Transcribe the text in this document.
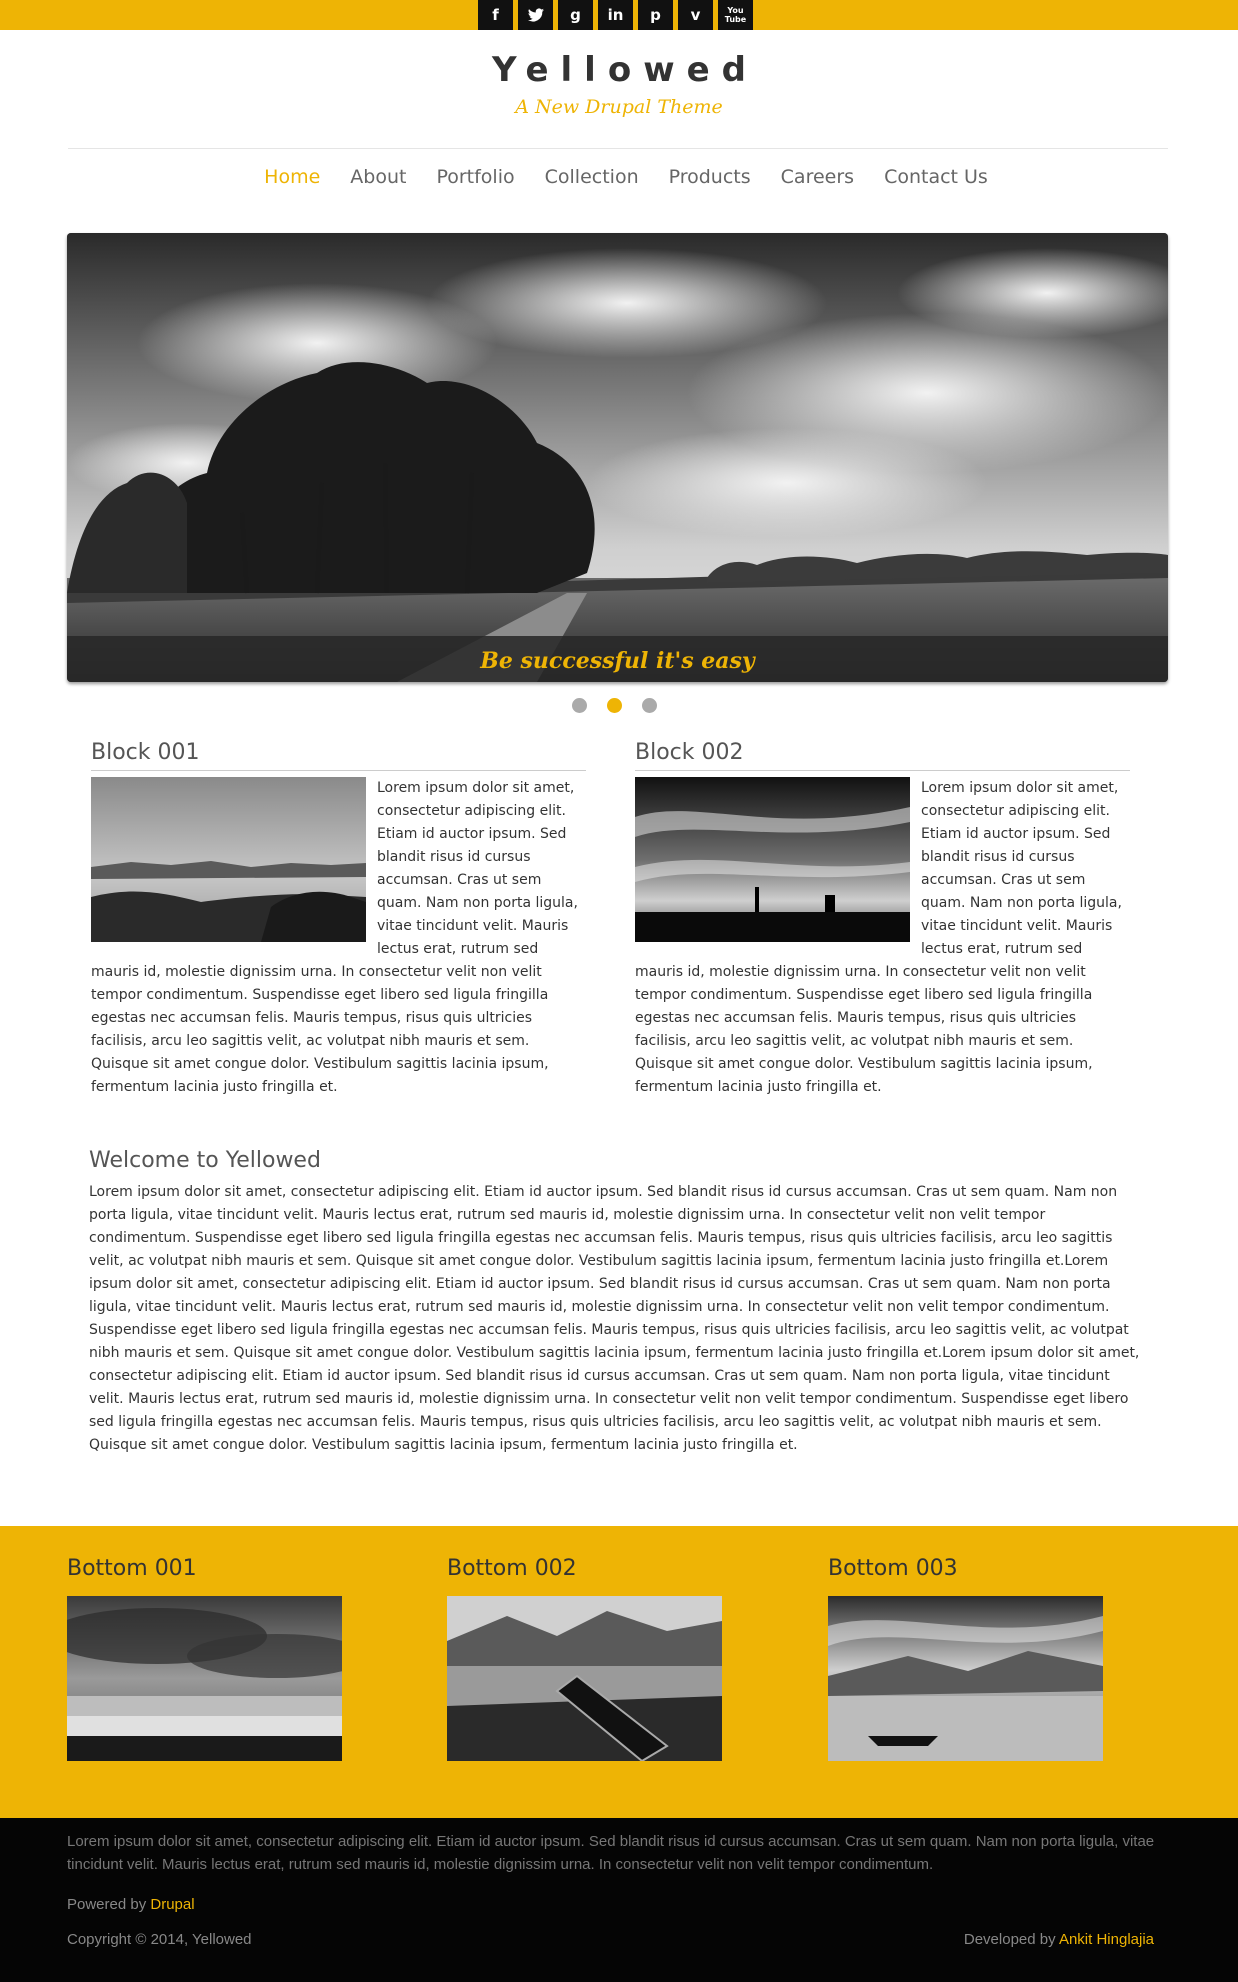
f	g	in	p	v	You Tube
Yellowed
A New Drupal Theme
Home About Portfolio Collection Products Careers Contact Us
Be successful it's easy
Block 001
Lorem ipsum dolor sit amet, consectetur adipiscing elit. Etiam id auctor ipsum. Sed blandit risus id cursus accumsan. Cras ut sem quam. Nam non porta ligula, vitae tincidunt velit. Mauris lectus erat, rutrum sed mauris id, molestie dignissim urna. In consectetur velit non velit tempor condimentum. Suspendisse eget libero sed ligula fringilla egestas nec accumsan felis. Mauris tempus, risus quis ultricies facilisis, arcu leo sagittis velit, ac volutpat nibh mauris et sem. Quisque sit amet congue dolor. Vestibulum sagittis lacinia ipsum, fermentum lacinia justo fringilla et.
Block 002
Lorem ipsum dolor sit amet, consectetur adipiscing elit. Etiam id auctor ipsum. Sed blandit risus id cursus accumsan. Cras ut sem quam. Nam non porta ligula, vitae tincidunt velit. Mauris lectus erat, rutrum sed mauris id, molestie dignissim urna. In consectetur velit non velit tempor condimentum. Suspendisse eget libero sed ligula fringilla egestas nec accumsan felis. Mauris tempus, risus quis ultricies facilisis, arcu leo sagittis velit, ac volutpat nibh mauris et sem. Quisque sit amet congue dolor. Vestibulum sagittis lacinia ipsum, fermentum lacinia justo fringilla et.
Welcome to Yellowed

Lorem ipsum dolor sit amet, consectetur adipiscing elit. Etiam id auctor ipsum. Sed blandit risus id cursus accumsan. Cras ut sem quam. Nam non porta ligula, vitae tincidunt velit. Mauris lectus erat, rutrum sed mauris id, molestie dignissim urna. In consectetur velit non velit tempor condimentum. Suspendisse eget libero sed ligula fringilla egestas nec accumsan felis. Mauris tempus, risus quis ultricies facilisis, arcu leo sagittis velit, ac volutpat nibh mauris et sem. Quisque sit amet congue dolor. Vestibulum sagittis lacinia ipsum, fermentum lacinia justo fringilla et.Lorem ipsum dolor sit amet, consectetur adipiscing elit. Etiam id auctor ipsum. Sed blandit risus id cursus accumsan. Cras ut sem quam. Nam non porta ligula, vitae tincidunt velit. Mauris lectus erat, rutrum sed mauris id, molestie dignissim urna. In consectetur velit non velit tempor condimentum. Suspendisse eget libero sed ligula fringilla egestas nec accumsan felis. Mauris tempus, risus quis ultricies facilisis, arcu leo sagittis velit, ac volutpat nibh mauris et sem. Quisque sit amet congue dolor. Vestibulum sagittis lacinia ipsum, fermentum lacinia justo fringilla et.Lorem ipsum dolor sit amet, consectetur adipiscing elit. Etiam id auctor ipsum. Sed blandit risus id cursus accumsan. Cras ut sem quam. Nam non porta ligula, vitae tincidunt velit. Mauris lectus erat, rutrum sed mauris id, molestie dignissim urna. In consectetur velit non velit tempor condimentum. Suspendisse eget libero sed ligula fringilla egestas nec accumsan felis. Mauris tempus, risus quis ultricies facilisis, arcu leo sagittis velit, ac volutpat nibh mauris et sem. Quisque sit amet congue dolor. Vestibulum sagittis lacinia ipsum, fermentum lacinia justo fringilla et.

Bottom 001	Bottom 002	Bottom 003
Lorem ipsum dolor sit amet, consectetur adipiscing elit. Etiam id auctor ipsum. Sed blandit risus id cursus accumsan. Cras ut sem quam. Nam non porta ligula, vitae tincidunt velit. Mauris lectus erat, rutrum sed mauris id, molestie dignissim urna. In consectetur velit non velit tempor condimentum.
Powered by Drupal
Copyright © 2014, Yellowed	Developed by Ankit Hinglajia
